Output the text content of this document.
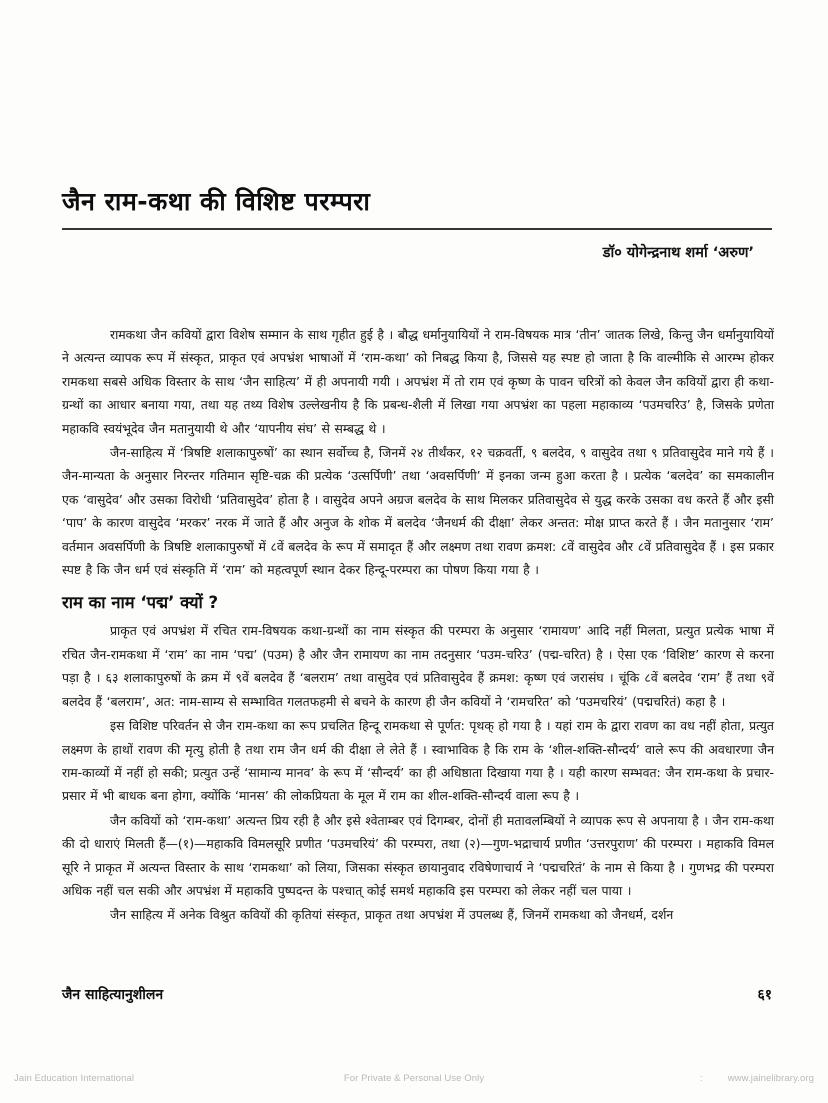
जैन राम-कथा की विशिष्ट परम्परा
डॉ० योगेन्द्रनाथ शर्मा ‘अरुण’

रामकथा जैन कवियों द्वारा विशेष सम्मान के साथ गृहीत हुई है । बौद्ध धर्मानुयायियों ने राम-विषयक मात्र ‘तीन’ जातक लिखे, किन्तु जैन धर्मानुयायियों ने अत्यन्त व्यापक रूप में संस्कृत, प्राकृत एवं अपभ्रंश भाषाओं में ‘राम-कथा’ को निबद्ध किया है, जिससे यह स्पष्ट हो जाता है कि वाल्मीकि से आरम्भ होकर रामकथा सबसे अधिक विस्तार के साथ ‘जैन साहित्य’ में ही अपनायी गयी । अपभ्रंश में तो राम एवं कृष्ण के पावन चरित्रों को केवल जैन कवियों द्वारा ही कथा-ग्रन्थों का आधार बनाया गया, तथा यह तथ्य विशेष उल्लेखनीय है कि प्रबन्ध-शैली में लिखा गया अपभ्रंश का पहला महाकाव्य ‘पउमचरिउ’ है, जिसके प्रणेता महाकवि स्वयंभूदेव जैन मतानुयायी थे और ‘यापनीय संघ’ से सम्बद्ध थे ।

जैन-साहित्य में ‘त्रिषष्टि शलाकापुरुषों’ का स्थान सर्वोच्च है, जिनमें २४ तीर्थंकर, १२ चक्रवर्ती, ९ बलदेव, ९ वासुदेव तथा ९ प्रतिवासुदेव माने गये हैं । जैन-मान्यता के अनुसार निरन्तर गतिमान सृष्टि-चक्र की प्रत्येक ‘उत्सर्पिणी’ तथा ‘अवसर्पिणी’ में इनका जन्म हुआ करता है । प्रत्येक ‘बलदेव’ का समकालीन एक ‘वासुदेव’ और उसका विरोधी ‘प्रतिवासुदेव’ होता है । वासुदेव अपने अग्रज बलदेव के साथ मिलकर प्रतिवासुदेव से युद्ध करके उसका वध करते हैं और इसी ‘पाप’ के कारण वासुदेव ‘मरकर’ नरक में जाते हैं और अनुज के शोक में बलदेव ‘जैनधर्म की दीक्षा’ लेकर अन्तत: मोक्ष प्राप्त करते हैं । जैन मतानुसार ‘राम’ वर्तमान अवसर्पिणी के त्रिषष्टि शलाकापुरुषों में ८वें बलदेव के रूप में समादृत हैं और लक्ष्मण तथा रावण क्रमश: ८वें वासुदेव और ८वें प्रतिवासुदेव हैं । इस प्रकार स्पष्ट है कि जैन धर्म एवं संस्कृति में ‘राम’ को महत्वपूर्ण स्थान देकर हिन्दू-परम्परा का पोषण किया गया है ।

राम का नाम ‘पद्म’ क्यों ?

प्राकृत एवं अपभ्रंश में रचित राम-विषयक कथा-ग्रन्थों का नाम संस्कृत की परम्परा के अनुसार ‘रामायण’ आदि नहीं मिलता, प्रत्युत प्रत्येक भाषा में रचित जैन-रामकथा में ‘राम’ का नाम ‘पद्म’ (पउम) है और जैन रामायण का नाम तदनुसार ‘पउम-चरिउ’ (पद्म-चरित) है । ऐसा एक ‘विशिष्ट’ कारण से करना पड़ा है । ६३ शलाकापुरुषों के क्रम में ९वें बलदेव हैं ‘बलराम’ तथा वासुदेव एवं प्रतिवासुदेव हैं क्रमश: कृष्ण एवं जरासंघ । चूंकि ८वें बलदेव ‘राम’ हैं तथा ९वें बलदेव हैं ‘बलराम’, अत: नाम-साम्य से सम्भावित गलतफहमी से बचने के कारण ही जैन कवियों ने ‘रामचरित’ को ‘पउमचरियं’ (पद्मचरितं) कहा है ।

इस विशिष्ट परिवर्तन से जैन राम-कथा का रूप प्रचलित हिन्दू रामकथा से पूर्णत: पृथक् हो गया है । यहां राम के द्वारा रावण का वध नहीं होता, प्रत्युत लक्ष्मण के हाथों रावण की मृत्यु होती है तथा राम जैन धर्म की दीक्षा ले लेते हैं । स्वाभाविक है कि राम के ‘शील-शक्ति-सौन्दर्य’ वाले रूप की अवधारणा जैन राम-काव्यों में नहीं हो सकी; प्रत्युत उन्हें ‘सामान्य मानव’ के रूप में ‘सौन्दर्य’ का ही अधिष्ठाता दिखाया गया है । यही कारण सम्भवत: जैन राम-कथा के प्रचार-प्रसार में भी बाधक बना होगा, क्योंकि ‘मानस’ की लोकप्रियता के मूल में राम का शील-शक्ति-सौन्दर्य वाला रूप है ।

जैन कवियों को ‘राम-कथा’ अत्यन्त प्रिय रही है और इसे श्वेताम्बर एवं दिगम्बर, दोनों ही मतावलम्बियों ने व्यापक रूप से अपनाया है । जैन राम-कथा की दो धाराएं मिलती हैं—(१)—महाकवि विमलसूरि प्रणीत ‘पउमचरियं’ की परम्परा, तथा (२)—गुण-भद्राचार्य प्रणीत ‘उत्तरपुराण’ की परम्परा । महाकवि विमल सूरि ने प्राकृत में अत्यन्त विस्तार के साथ ‘रामकथा’ को लिया, जिसका संस्कृत छायानुवाद रविषेणाचार्य ने ‘पद्मचरितं’ के नाम से किया है । गुणभद्र की परम्परा अधिक नहीं चल सकी और अपभ्रंश में महाकवि पुष्पदन्त के पश्चात् कोई समर्थ महाकवि इस परम्परा को लेकर नहीं चल पाया ।

जैन साहित्य में अनेक विश्रुत कवियों की कृतियां संस्कृत, प्राकृत तथा अपभ्रंश में उपलब्ध हैं, जिनमें रामकथा को जैनधर्म, दर्शन

जैन साहित्यानुशीलन	६१
Jain Education International	For Private & Personal Use Only	:	www.jainelibrary.org
